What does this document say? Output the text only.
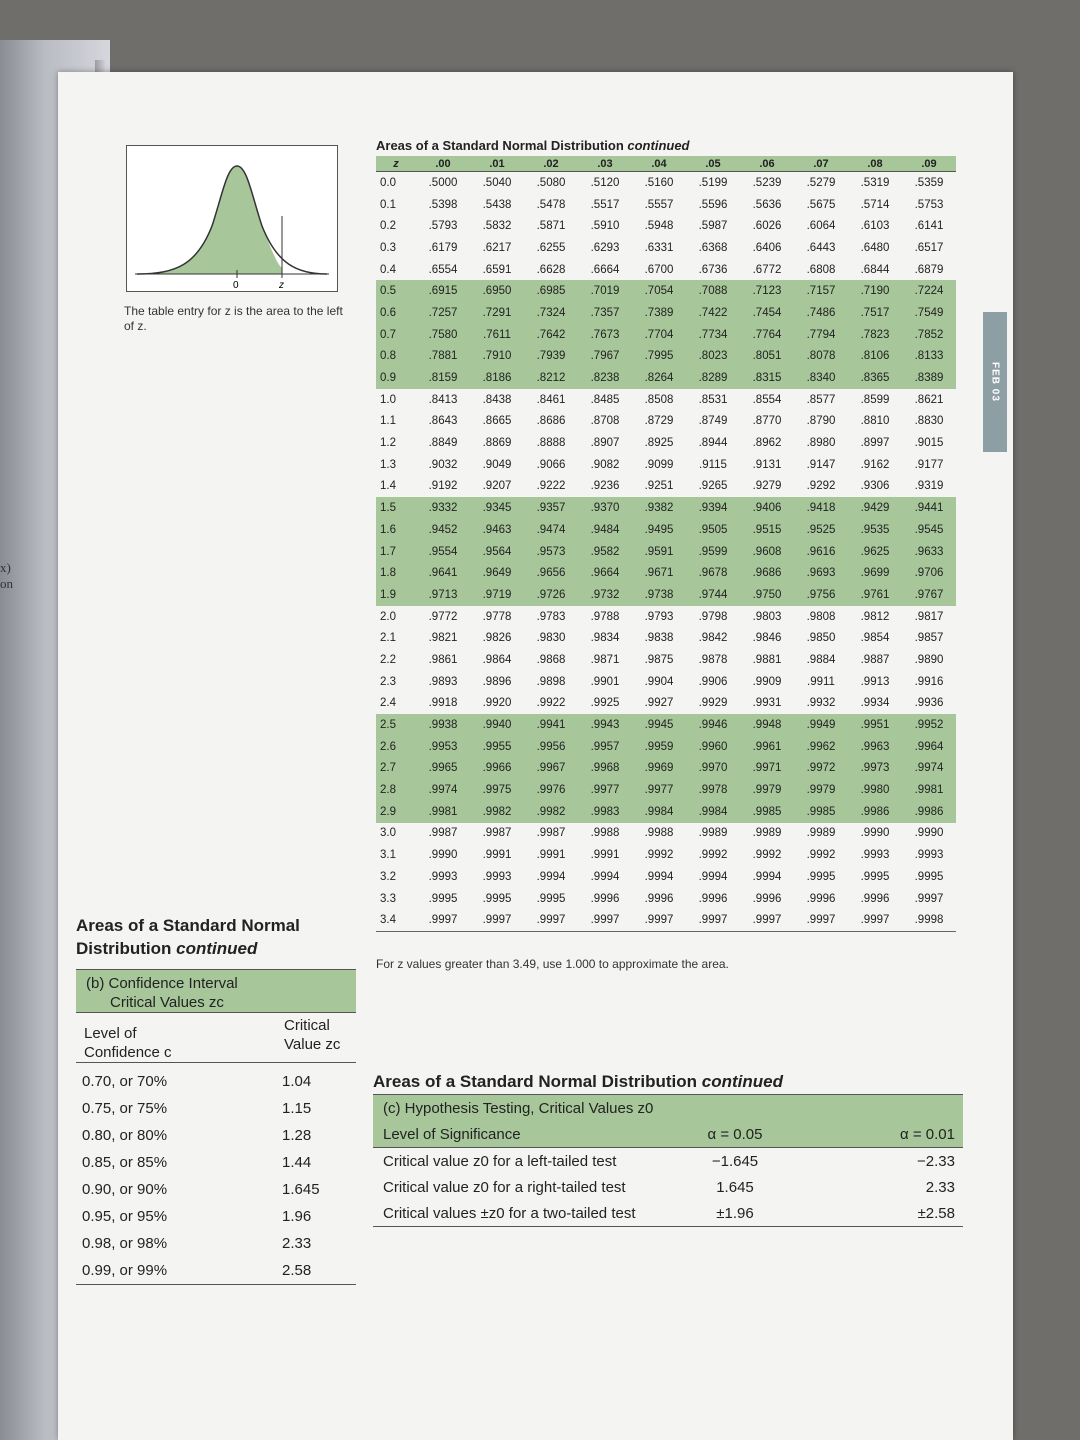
x)
on
FEB 03
0	z
The table entry for z is the area to the left of z.
Areas of a Standard Normal Distribution continued
z	.00	.01	.02	.03	.04	.05	.06	.07	.08	.09
0.0	.5000	.5040	.5080	.5120	.5160	.5199	.5239	.5279	.5319	.5359
0.1	.5398	.5438	.5478	.5517	.5557	.5596	.5636	.5675	.5714	.5753
0.2	.5793	.5832	.5871	.5910	.5948	.5987	.6026	.6064	.6103	.6141
0.3	.6179	.6217	.6255	.6293	.6331	.6368	.6406	.6443	.6480	.6517
0.4	.6554	.6591	.6628	.6664	.6700	.6736	.6772	.6808	.6844	.6879
0.5	.6915	.6950	.6985	.7019	.7054	.7088	.7123	.7157	.7190	.7224
0.6	.7257	.7291	.7324	.7357	.7389	.7422	.7454	.7486	.7517	.7549
0.7	.7580	.7611	.7642	.7673	.7704	.7734	.7764	.7794	.7823	.7852
0.8	.7881	.7910	.7939	.7967	.7995	.8023	.8051	.8078	.8106	.8133
0.9	.8159	.8186	.8212	.8238	.8264	.8289	.8315	.8340	.8365	.8389
1.0	.8413	.8438	.8461	.8485	.8508	.8531	.8554	.8577	.8599	.8621
1.1	.8643	.8665	.8686	.8708	.8729	.8749	.8770	.8790	.8810	.8830
1.2	.8849	.8869	.8888	.8907	.8925	.8944	.8962	.8980	.8997	.9015
1.3	.9032	.9049	.9066	.9082	.9099	.9115	.9131	.9147	.9162	.9177
1.4	.9192	.9207	.9222	.9236	.9251	.9265	.9279	.9292	.9306	.9319
1.5	.9332	.9345	.9357	.9370	.9382	.9394	.9406	.9418	.9429	.9441
1.6	.9452	.9463	.9474	.9484	.9495	.9505	.9515	.9525	.9535	.9545
1.7	.9554	.9564	.9573	.9582	.9591	.9599	.9608	.9616	.9625	.9633
1.8	.9641	.9649	.9656	.9664	.9671	.9678	.9686	.9693	.9699	.9706
1.9	.9713	.9719	.9726	.9732	.9738	.9744	.9750	.9756	.9761	.9767
2.0	.9772	.9778	.9783	.9788	.9793	.9798	.9803	.9808	.9812	.9817
2.1	.9821	.9826	.9830	.9834	.9838	.9842	.9846	.9850	.9854	.9857
2.2	.9861	.9864	.9868	.9871	.9875	.9878	.9881	.9884	.9887	.9890
2.3	.9893	.9896	.9898	.9901	.9904	.9906	.9909	.9911	.9913	.9916
2.4	.9918	.9920	.9922	.9925	.9927	.9929	.9931	.9932	.9934	.9936
2.5	.9938	.9940	.9941	.9943	.9945	.9946	.9948	.9949	.9951	.9952
2.6	.9953	.9955	.9956	.9957	.9959	.9960	.9961	.9962	.9963	.9964
2.7	.9965	.9966	.9967	.9968	.9969	.9970	.9971	.9972	.9973	.9974
2.8	.9974	.9975	.9976	.9977	.9977	.9978	.9979	.9979	.9980	.9981
2.9	.9981	.9982	.9982	.9983	.9984	.9984	.9985	.9985	.9986	.9986
3.0	.9987	.9987	.9987	.9988	.9988	.9989	.9989	.9989	.9990	.9990
3.1	.9990	.9991	.9991	.9991	.9992	.9992	.9992	.9992	.9993	.9993
3.2	.9993	.9993	.9994	.9994	.9994	.9994	.9994	.9995	.9995	.9995
3.3	.9995	.9995	.9995	.9996	.9996	.9996	.9996	.9996	.9996	.9997
3.4	.9997	.9997	.9997	.9997	.9997	.9997	.9997	.9997	.9997	.9998
For z values greater than 3.49, use 1.000 to approximate the area.
Areas of a Standard Normal
Distribution continued
(b) Confidence Interval
Critical Values zc
Level of
Confidence c
Critical
Value zc
0.70, or 70%	1.04
0.75, or 75%	1.15
0.80, or 80%	1.28
0.85, or 85%	1.44
0.90, or 90%	1.645
0.95, or 95%	1.96
0.98, or 98%	2.33
0.99, or 99%	2.58
Areas of a Standard Normal Distribution continued
(c) Hypothesis Testing, Critical Values z0		
Level of Significance	α = 0.05	α = 0.01
Critical value z0 for a left-tailed test	−1.645	−2.33
Critical value z0 for a right-tailed test	1.645	2.33
Critical values ±z0 for a two-tailed test	±1.96	±2.58
